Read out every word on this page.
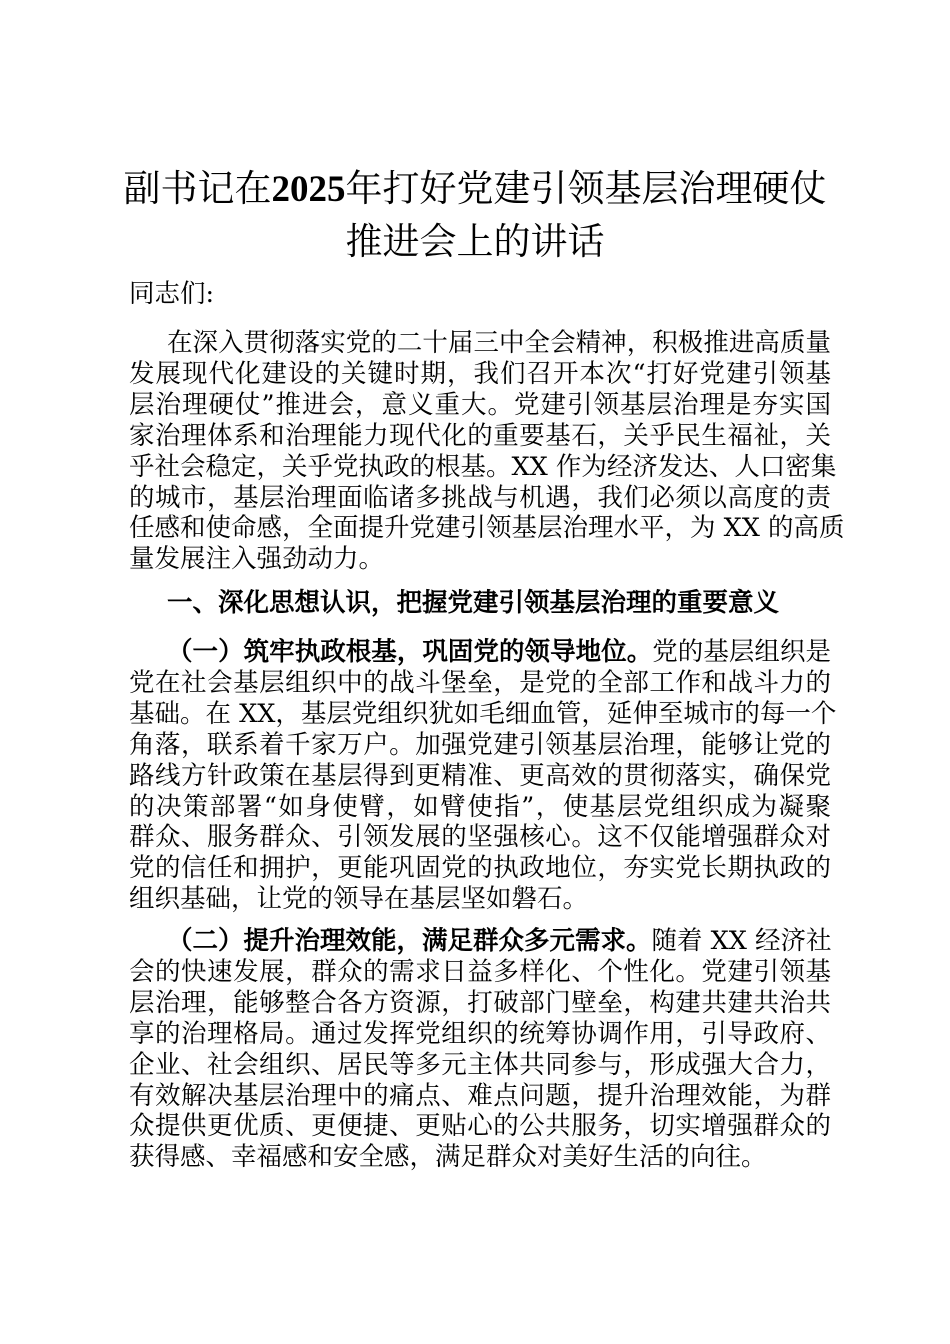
副书记在2025年打好党建引领基层治理硬仗
推进会上的讲话
同志们:
在深入贯彻落实党的二十届三中全会精神，积极推进高质量
发展现代化建设的关键时期，我们召开本次“打好党建引领基
层治理硬仗”推进会，意义重大。党建引领基层治理是夯实国
家治理体系和治理能力现代化的重要基石，关乎民生福祉，关
乎社会稳定，关乎党执政的根基。XX 作为经济发达、人口密集
的城市，基层治理面临诸多挑战与机遇，我们必须以高度的责
任感和使命感，全面提升党建引领基层治理水平，为 XX 的高质
量发展注入强劲动力。
一、深化思想认识，把握党建引领基层治理的重要意义
（一）筑牢执政根基，巩固党的领导地位。党的基层组织是
党在社会基层组织中的战斗堡垒，是党的全部工作和战斗力的
基础。在 XX，基层党组织犹如毛细血管，延伸至城市的每一个
角落，联系着千家万户。加强党建引领基层治理，能够让党的
路线方针政策在基层得到更精准、更高效的贯彻落实，确保党
的决策部署“如身使臂，如臂使指”，使基层党组织成为凝聚
群众、服务群众、引领发展的坚强核心。这不仅能增强群众对
党的信任和拥护，更能巩固党的执政地位，夯实党长期执政的
组织基础，让党的领导在基层坚如磐石。
（二）提升治理效能，满足群众多元需求。随着 XX 经济社
会的快速发展，群众的需求日益多样化、个性化。党建引领基
层治理，能够整合各方资源，打破部门壁垒，构建共建共治共
享的治理格局。通过发挥党组织的统筹协调作用，引导政府、
企业、社会组织、居民等多元主体共同参与，形成强大合力，
有效解决基层治理中的痛点、难点问题，提升治理效能，为群
众提供更优质、更便捷、更贴心的公共服务，切实增强群众的
获得感、幸福感和安全感，满足群众对美好生活的向往。
